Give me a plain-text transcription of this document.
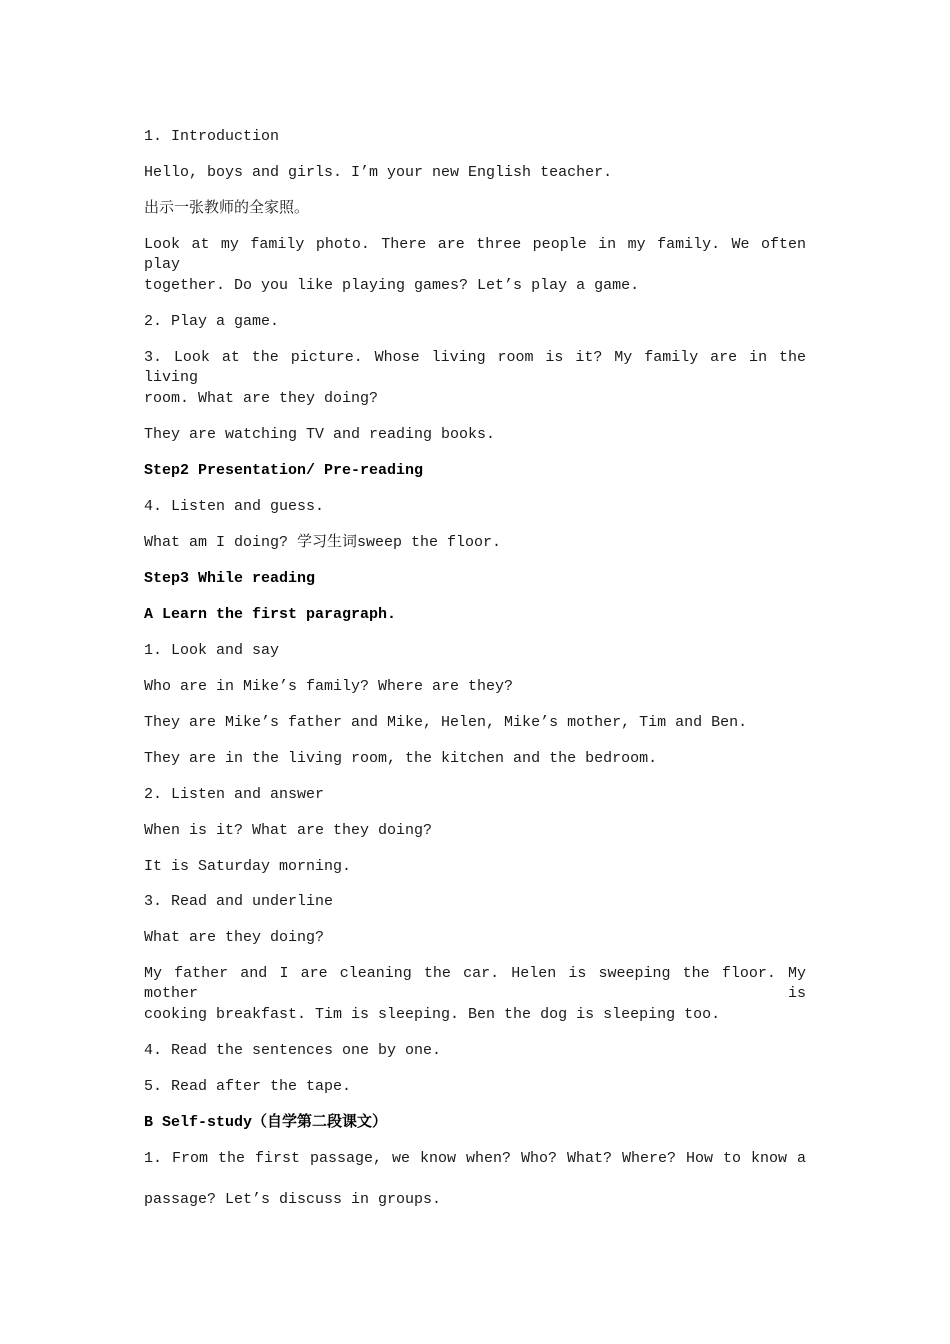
1. Introduction

Hello, boys and girls. I’m your new English teacher.

出示一张教师的全家照。

Look at my family photo. There are three people in my family. We often play

together. Do you like playing games? Let’s play a game.

2. Play a game.

3. Look at the picture. Whose living room is it? My family are in the living

room. What are they doing?

They are watching TV and reading books.

Step2 Presentation/ Pre-reading

4. Listen and guess.

What am I doing? 学习生词sweep the floor.

Step3 While reading

A Learn the first paragraph.

1. Look and say

Who are in Mike’s family? Where are they?

They are Mike’s father and Mike, Helen, Mike’s mother, Tim and Ben.

They are in the living room, the kitchen and the bedroom.

2. Listen and answer

When is it? What are they doing?

It is Saturday morning.

3. Read and underline

What are they doing?

My father and I are cleaning the car. Helen is sweeping the floor. My mother is

cooking breakfast. Tim is sleeping. Ben the dog is sleeping too.

4. Read the sentences one by one.

5. Read after the tape.

B Self-study（自学第二段课文）

1. From the first passage, we know when? Who? What? Where? How to know a

passage? Let’s discuss in groups.
